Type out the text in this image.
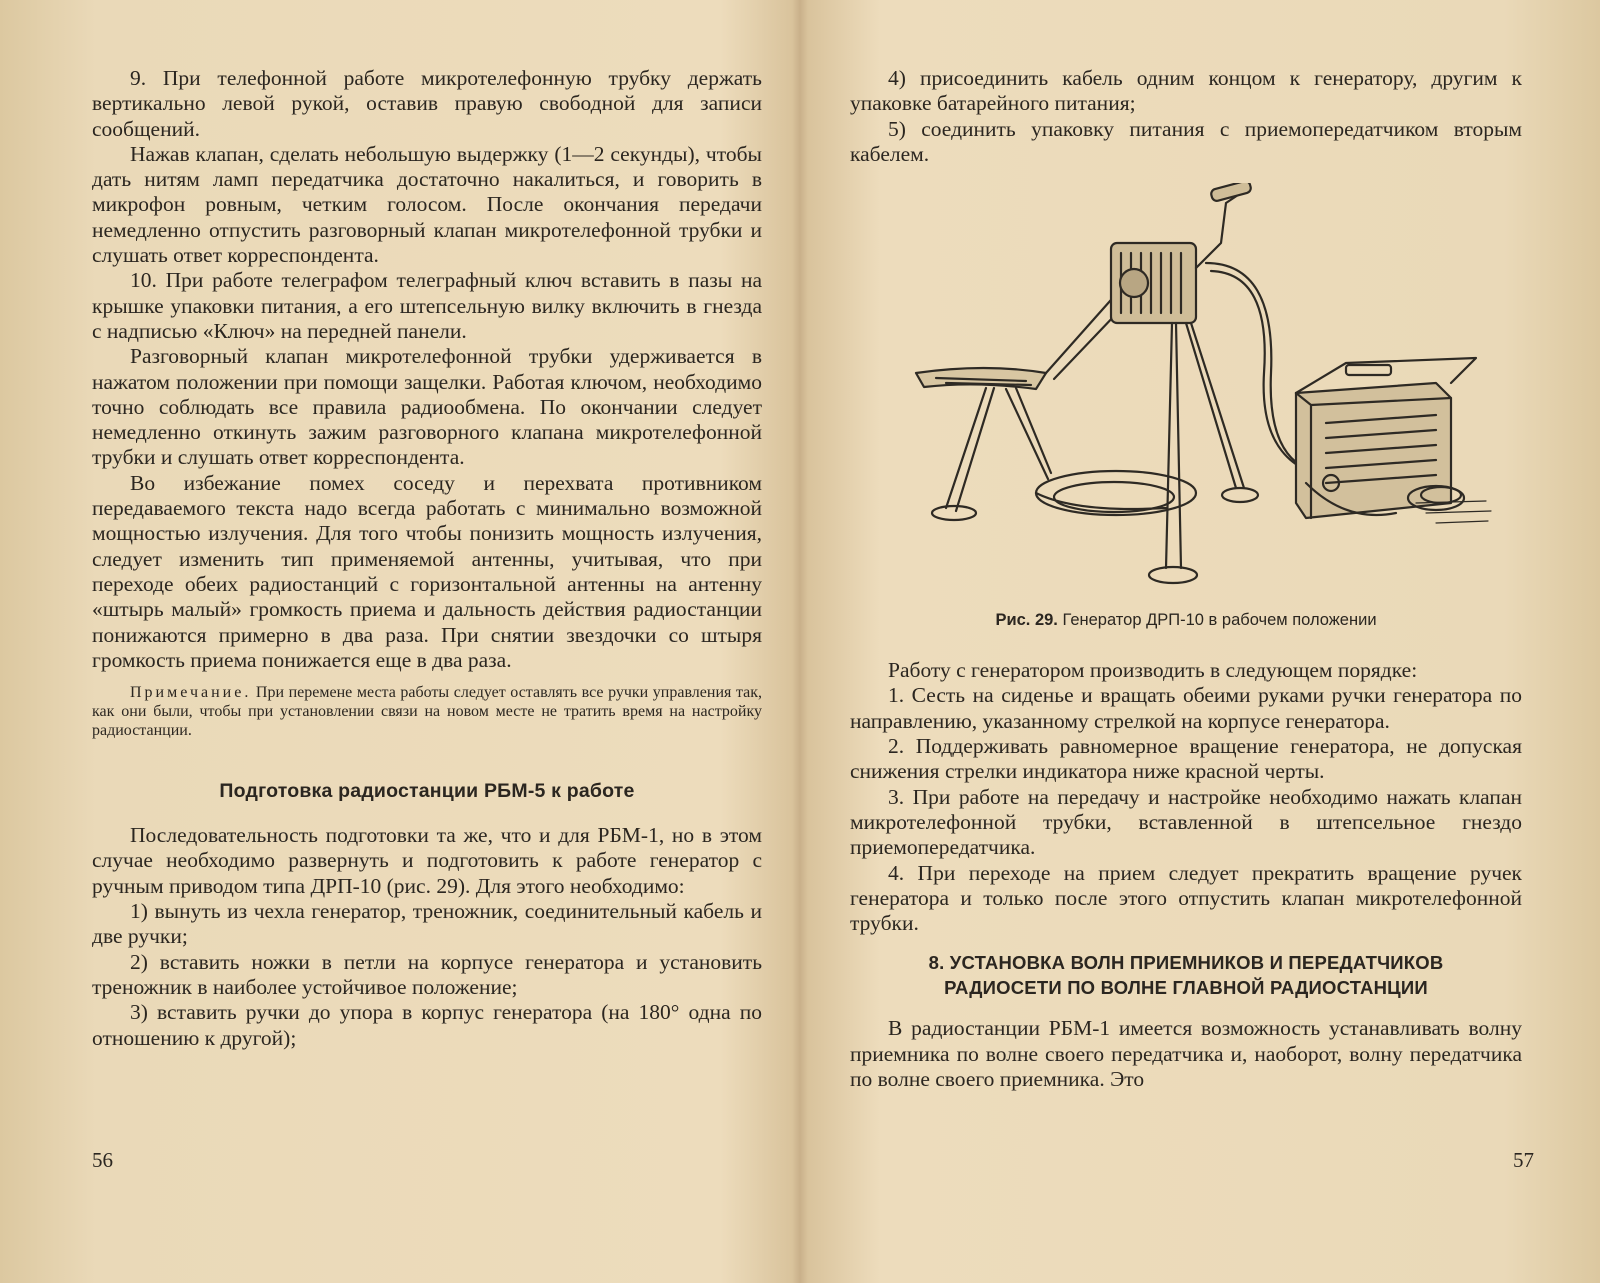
9. При телефонной работе микротелефонную трубку держать вертикально левой рукой, оставив правую свободной для записи сообщений.

Нажав клапан, сделать небольшую выдержку (1—2 секунды), чтобы дать нитям ламп передатчика достаточно накалиться, и говорить в микрофон ровным, четким голосом. После окончания передачи немедленно отпустить разговорный клапан микротелефонной трубки и слушать ответ корреспондента.

10. При работе телеграфом телеграфный ключ вставить в пазы на крышке упаковки питания, а его штепсельную вилку включить в гнезда с надписью «Ключ» на передней панели.

Разговорный клапан микротелефонной трубки удерживается в нажатом положении при помощи защелки. Работая ключом, необходимо точно соблюдать все правила радиообмена. По окончании следует немедленно откинуть зажим разговорного клапана микротелефонной трубки и слушать ответ корреспондента.

Во избежание помех соседу и перехвата противником передаваемого текста надо всегда работать с минимально возможной мощностью излучения. Для того чтобы понизить мощность излучения, следует изменить тип применяемой антенны, учитывая, что при переходе обеих радиостанций с горизонтальной антенны на антенну «штырь малый» громкость приема и дальность действия радиостанции понижаются примерно в два раза. При снятии звездочки со штыря громкость приема понижается еще в два раза.

Примечание. При перемене места работы следует оставлять все ручки управления так, как они были, чтобы при установлении связи на новом месте не тратить время на настройку радиостанции.

Подготовка радиостанции РБМ-5 к работе

Последовательность подготовки та же, что и для РБМ-1, но в этом случае необходимо развернуть и подготовить к работе генератор с ручным приводом типа ДРП-10 (рис. 29). Для этого необходимо:

1) вынуть из чехла генератор, треножник, соединительный кабель и две ручки;

2) вставить ножки в петли на корпусе генератора и установить треножник в наиболее устойчивое положение;

3) вставить ручки до упора в корпус генератора (на 180° одна по отношению к другой);

56

4) присоединить кабель одним концом к генератору, другим к упаковке батарейного питания;

5) соединить упаковку питания с приемопередатчиком вторым кабелем.

Рис. 29. Генератор ДРП-10 в рабочем положении

Работу с генератором производить в следующем порядке:

1. Сесть на сиденье и вращать обеими руками ручки генератора по направлению, указанному стрелкой на корпусе генератора.

2. Поддерживать равномерное вращение генератора, не допуская снижения стрелки индикатора ниже красной черты.

3. При работе на передачу и настройке необходимо нажать клапан микротелефонной трубки, вставленной в штепсельное гнездо приемопередатчика.

4. При переходе на прием следует прекратить вращение ручек генератора и только после этого отпустить клапан микротелефонной трубки.

8. УСТАНОВКА ВОЛН ПРИЕМНИКОВ И ПЕРЕДАТЧИКОВ
РАДИОСЕТИ ПО ВОЛНЕ ГЛАВНОЙ РАДИОСТАНЦИИ

В радиостанции РБМ-1 имеется возможность устанавливать волну приемника по волне своего передатчика и, наоборот, волну передатчика по волне своего приемника. Это

57
